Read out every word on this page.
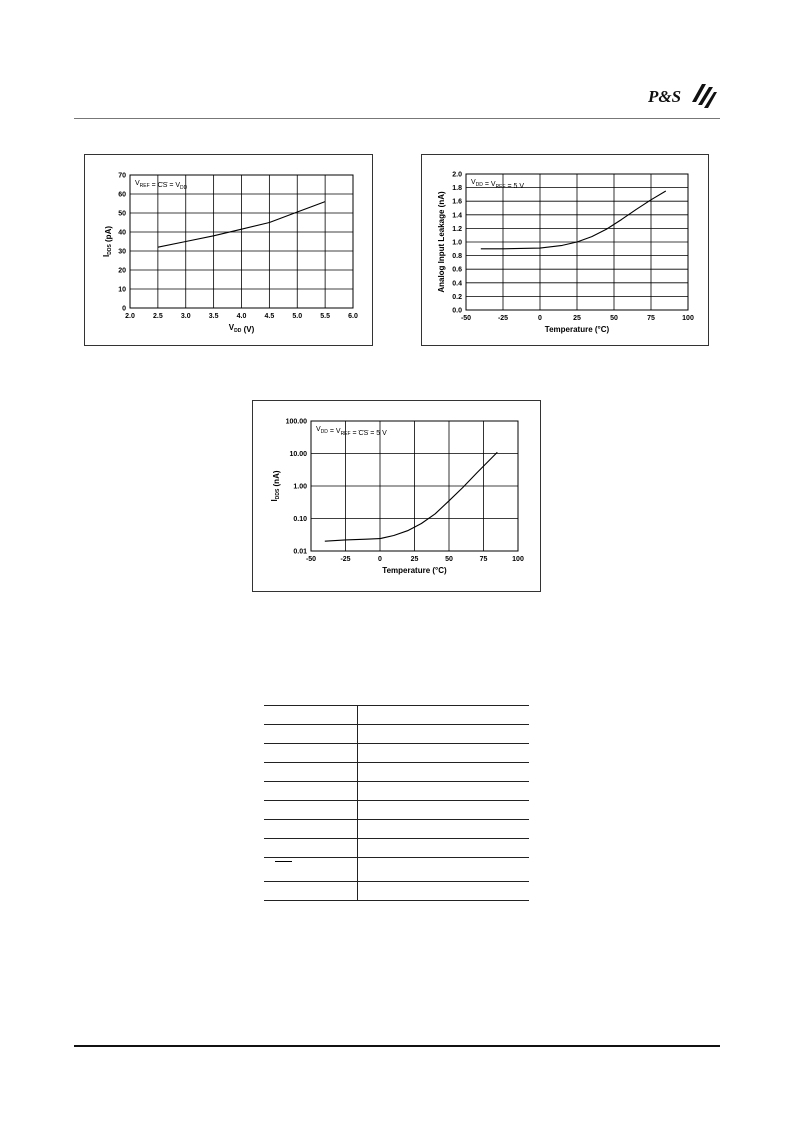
P&S
2.0	2.5	3.0	3.5	4.0	4.5	5.0	5.5	6.0
0
10
20
30
40
50
60
70
$V_{DD}$ (V)
$I_{DDS}$ (pA)
$V_{REF}$ = CS = $V_{DD}$
-50	-25	0	25	50	75	100
0.0
0.2
0.4
0.6
0.8
1.0
1.2
1.4
1.6
1.8
2.0
Temperature (°C)
Analog Input Leakage (nA)
$V_{DD} = V_{REF} = 5$ V
-50	-25	0	25	50	75	100
0.01
0.10
1.00
10.00
100.00
Temperature (°C)
$I_{DDS}$ (nA)
$V_{DD} = V_{REF}$ = CS = 5 V
